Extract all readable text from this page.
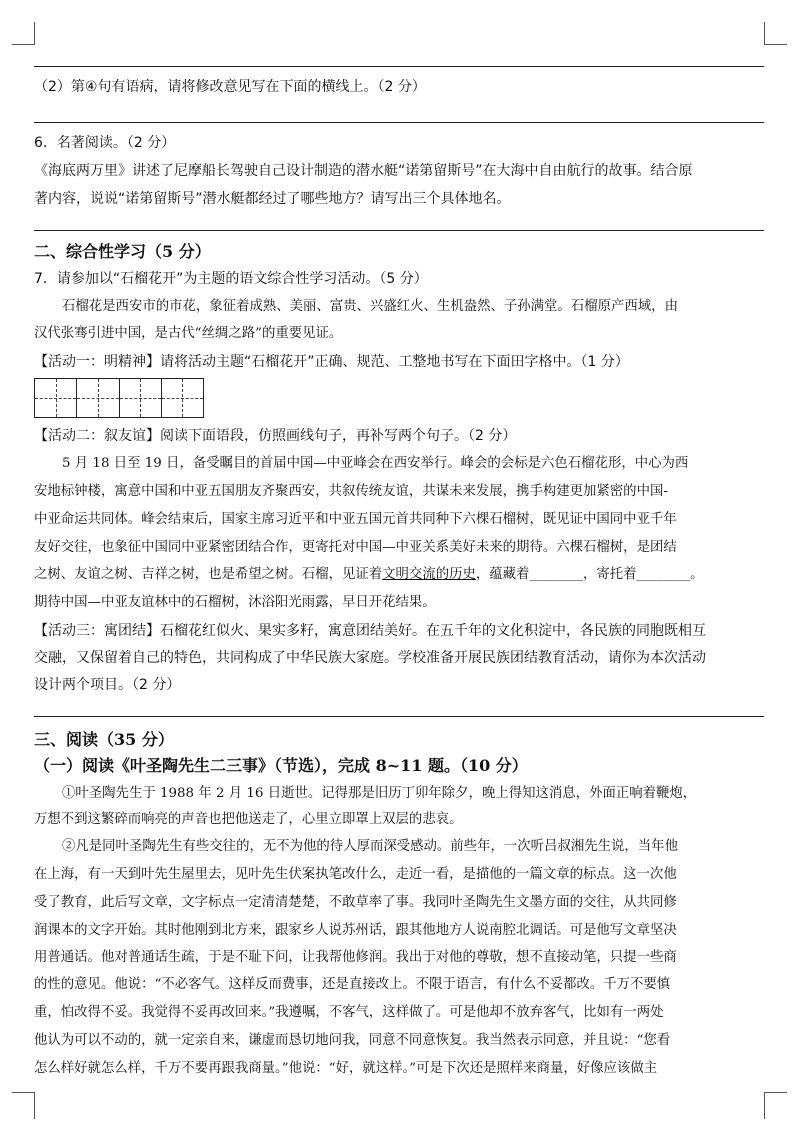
（2）第④句有语病，请将修改意见写在下面的横线上。（2 分）
6．名著阅读。（2 分）
《海底两万里》讲述了尼摩船长驾驶自己设计制造的潜水艇“诺第留斯号”在大海中自由航行的故事。结合原
著内容，说说“诺第留斯号”潜水艇都经过了哪些地方？请写出三个具体地名。
二、综合性学习（5 分）
7．请参加以“石榴花开”为主题的语文综合性学习活动。（5 分）
石榴花是西安市的市花，象征着成熟、美丽、富贵、兴盛红火、生机盎然、子孙满堂。石榴原产西域，由
汉代张骞引进中国，是古代“丝绸之路”的重要见证。
【活动一：明精神】请将活动主题“石榴花开”正确、规范、工整地书写在下面田字格中。（1 分）
【活动二：叙友谊】阅读下面语段，仿照画线句子，再补写两个句子。（2 分）
5 月 18 日至 19 日，备受瞩目的首届中国—中亚峰会在西安举行。峰会的会标是六色石榴花形，中心为西
安地标钟楼，寓意中国和中亚五国朋友齐聚西安，共叙传统友谊，共谋未来发展，携手构建更加紧密的中国-
中亚命运共同体。峰会结束后，国家主席习近平和中亚五国元首共同种下六棵石榴树，既见证中国同中亚千年
友好交往，也象征中国同中亚紧密团结合作，更寄托对中国—中亚关系美好未来的期待。六棵石榴树，是团结
之树、友谊之树、吉祥之树，也是希望之树。石榴，见证着文明交流的历史，蕴藏着________，寄托着________。
期待中国—中亚友谊林中的石榴树，沐浴阳光雨露，早日开花结果。
【活动三：寓团结】石榴花红似火、果实多籽，寓意团结美好。在五千年的文化积淀中，各民族的同胞既相互
交融，又保留着自己的特色，共同构成了中华民族大家庭。学校准备开展民族团结教育活动，请你为本次活动
设计两个项目。（2 分）
三、阅读（35 分）
（一）阅读《叶圣陶先生二三事》（节选），完成 8~11 题。（10 分）
①叶圣陶先生于 1988 年 2 月 16 日逝世。记得那是旧历丁卯年除夕，晚上得知这消息，外面正响着鞭炮，
万想不到这繁碎而响亮的声音也把他送走了，心里立即罩上双层的悲哀。
②凡是同叶圣陶先生有些交往的，无不为他的待人厚而深受感动。前些年，一次听吕叔湘先生说，当年他
在上海，有一天到叶先生屋里去，见叶先生伏案执笔改什么，走近一看，是描他的一篇文章的标点。这一次他
受了教育，此后写文章，文字标点一定清清楚楚，不敢草率了事。我同叶圣陶先生文墨方面的交往，从共同修
润课本的文字开始。其时他刚到北方来，跟家乡人说苏州话，跟其他地方人说南腔北调话。可是他写文章坚决
用普通话。他对普通话生疏，于是不耻下问，让我帮他修润。我出于对他的尊敬，想不直接动笔，只提一些商
的性的意见。他说：“不必客气。这样反而费事，还是直接改上。不限于语言，有什么不妥都改。千万不要慎
重，怕改得不妥。我觉得不妥再改回来。”我遵嘱，不客气，这样做了。可是他却不放弃客气，比如有一两处
他认为可以不动的，就一定亲自来，谦虚而恳切地问我，同意不同意恢复。我当然表示同意，并且说：“您看
怎么样好就怎么样，千万不要再跟我商量。”他说：“好，就这样。”可是下次还是照样来商量，好像应该做主
